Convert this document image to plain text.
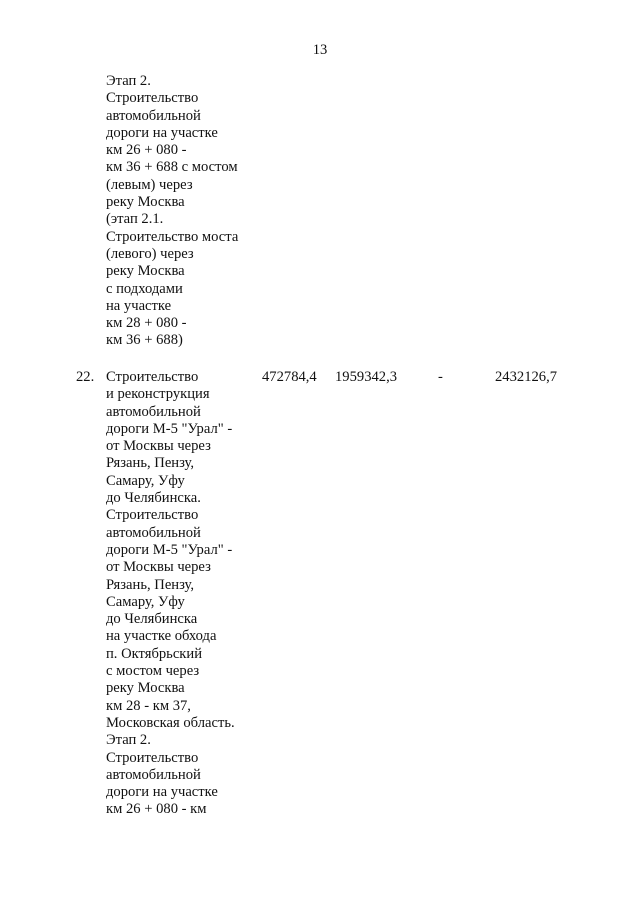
13
Этап 2.
Строительство
автомобильной
дороги на участке
км 26 + 080 -
км 36 + 688 с мостом
(левым) через
реку Москва
(этап 2.1.
Строительство моста
(левого) через
реку Москва
с подходами
на участке
км 28 + 080 -
км 36 + 688)
22. Строительство
и реконструкция
автомобильной
дороги М-5 "Урал" -
от Москвы через
Рязань, Пензу,
Самару, Уфу
до Челябинска.
Строительство
автомобильной
дороги М-5 "Урал" -
от Москвы через
Рязань, Пензу,
Самару, Уфу
до Челябинска
на участке обхода
п. Октябрьский
с мостом через
реку Москва
км 28 - км 37,
Московская область.
Этап 2.
Строительство
автомобильной
дороги на участке
км 26 + 080 - км
472784,4 1959342,3	-	2432126,7
